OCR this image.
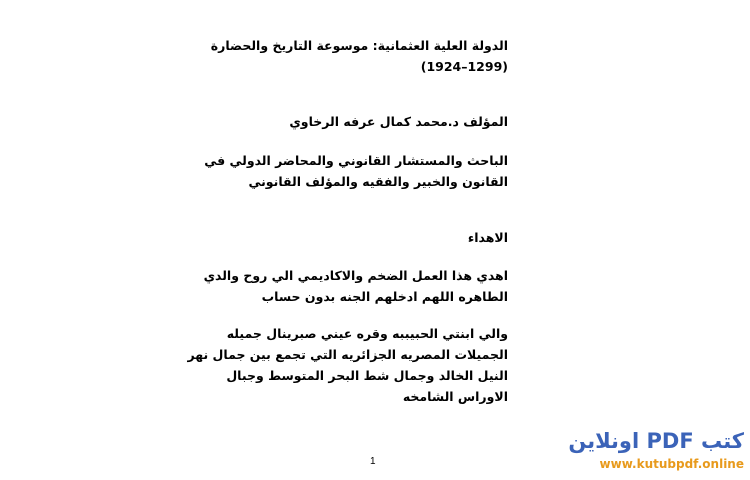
الدولة العلية العثمانية: موسوعة التاريخ والحضارة
(1299–1924)
المؤلف د.محمد كمال عرفه الرخاوي
الباحث والمستشار القانوني والمحاضر الدولي في
القانون والخبير والفقيه والمؤلف القانوني
الاهداء
اهدي هذا العمل الضخم والاكاديمي الي روح والدي
الطاهره اللهم ادخلهم الجنه بدون حساب
والي ابنتي الحبيببه وقره عيني صبرينال جميله
الجميلات المصريه الجزائريه التي تجمع بين جمال نهر
النيل الخالد وجمال شط البحر المتوسط وجبال
الاوراس الشامخه
1
كتب PDF اونلاين
www.kutubpdf.online
